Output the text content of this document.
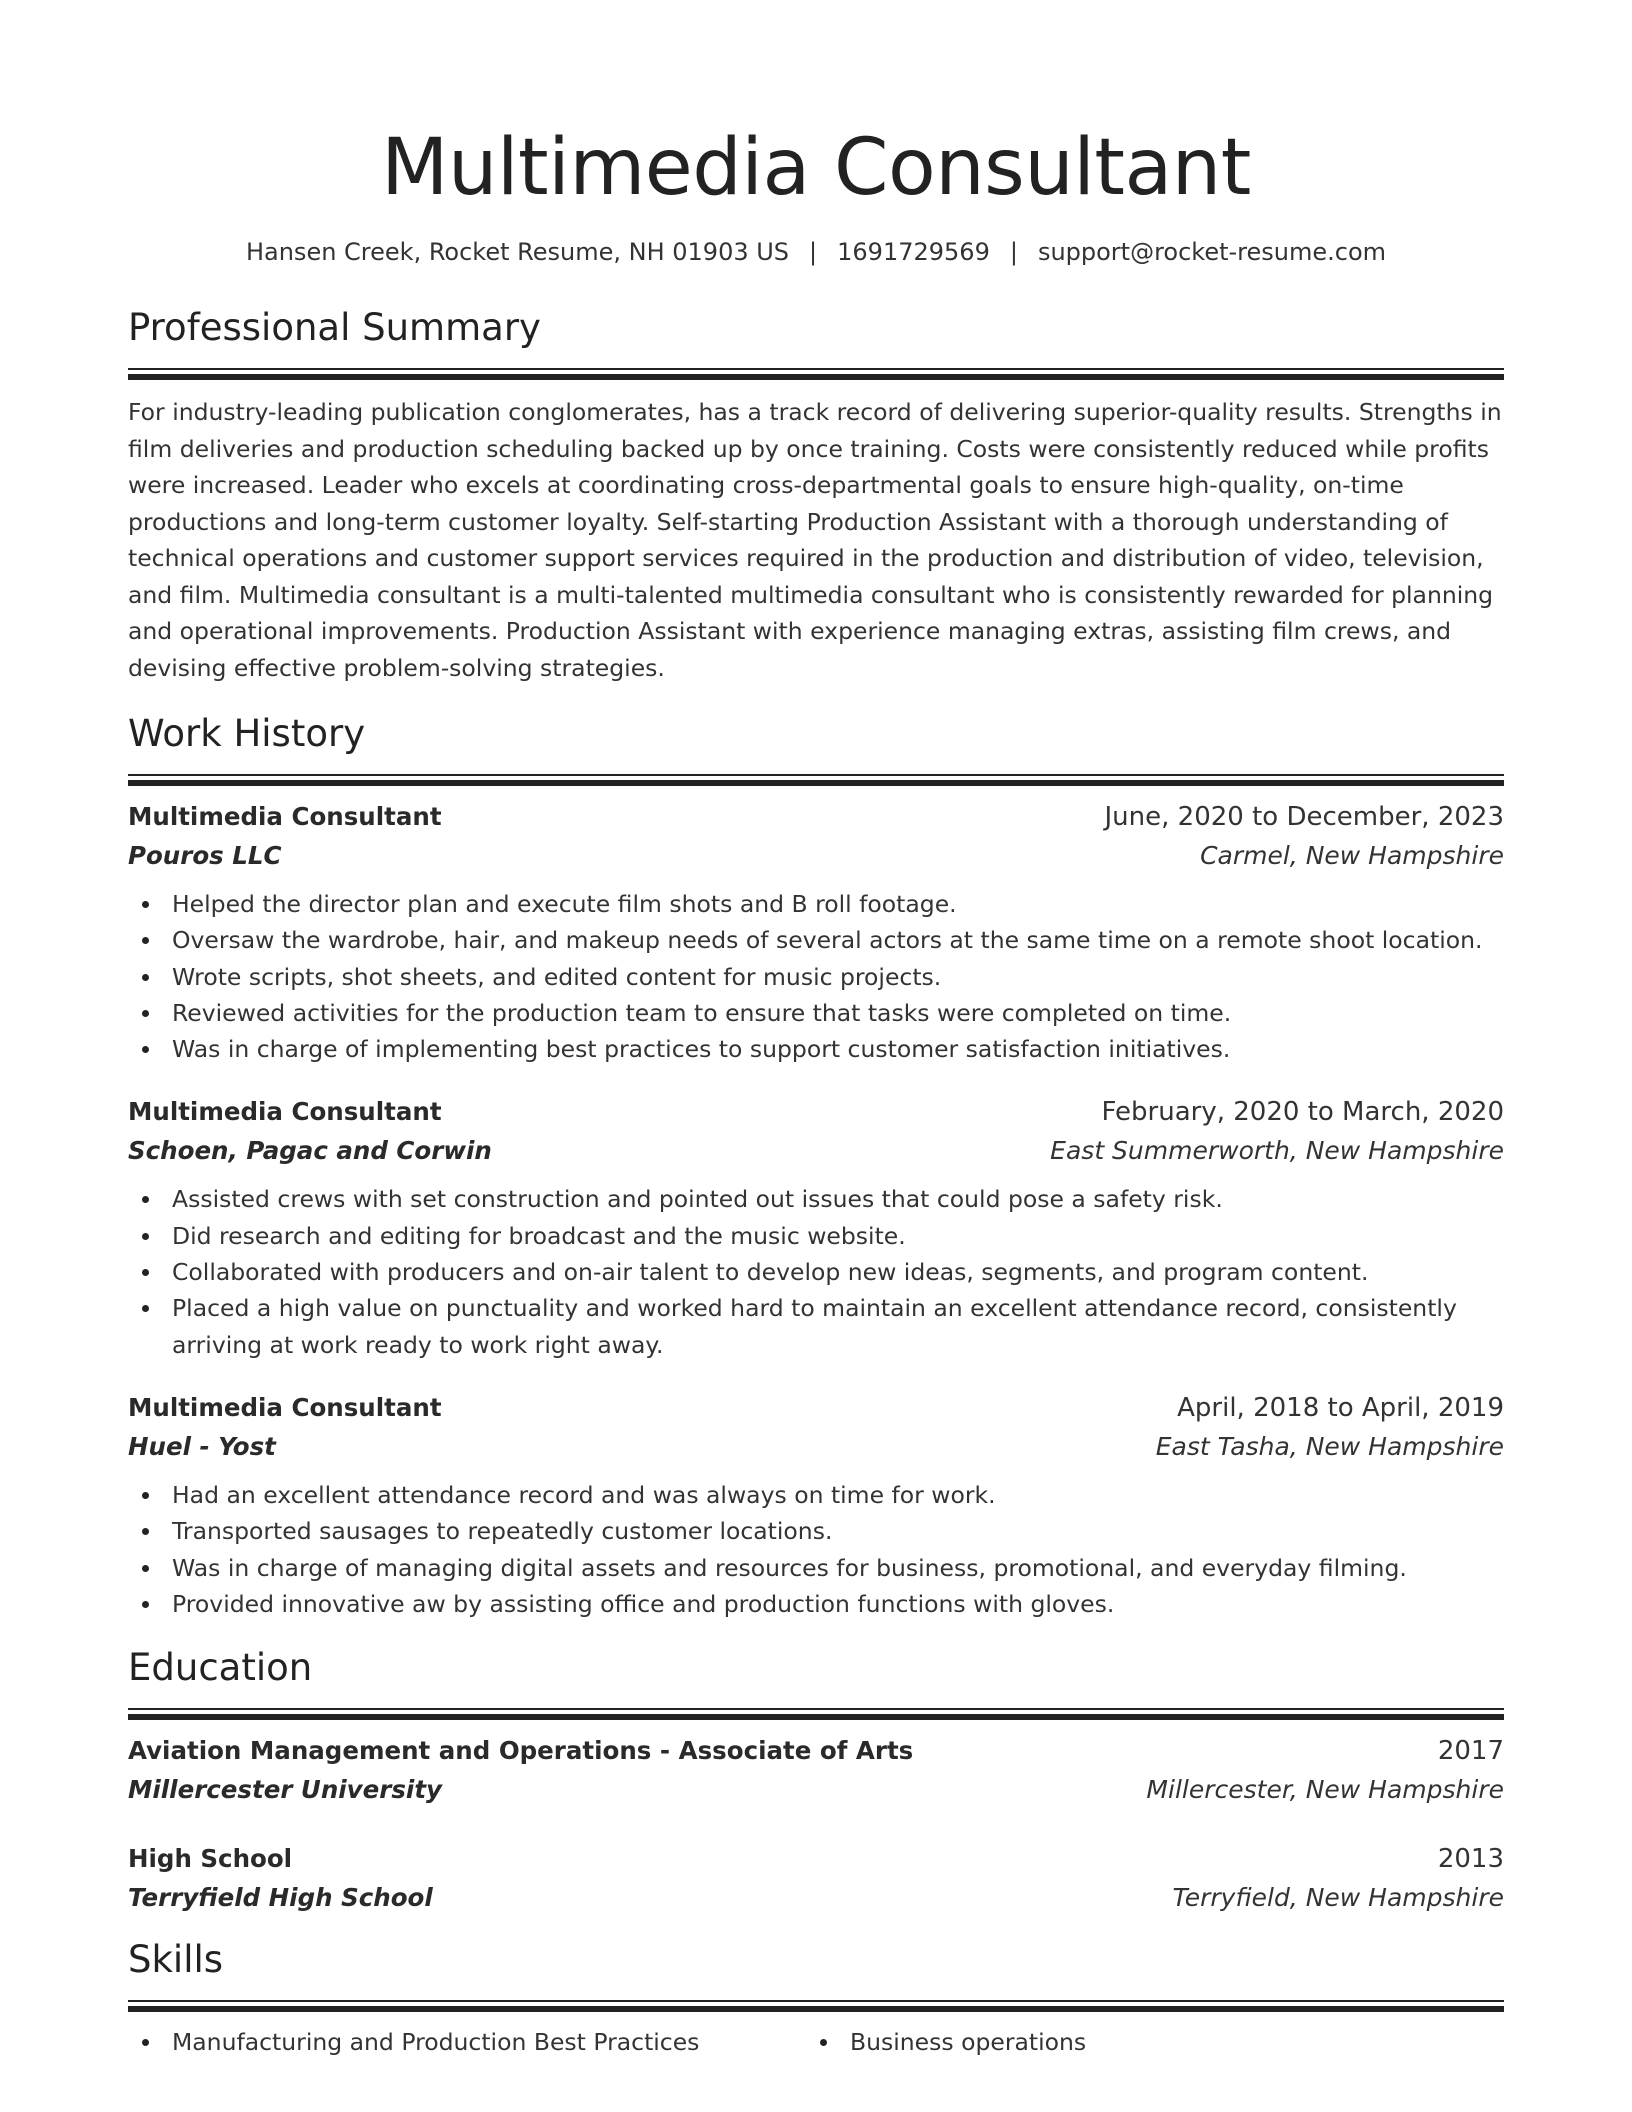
Multimedia Consultant
Hansen Creek, Rocket Resume, NH 01903 US | 1691729569 | support@rocket-resume.com
Professional Summary

For industry-leading publication conglomerates, has a track record of delivering superior-quality results. Strengths in film deliveries and production scheduling backed up by once training. Costs were consistently reduced while profits were increased. Leader who excels at coordinating cross-departmental goals to ensure high-quality, on-time productions and long-term customer loyalty. Self-starting Production Assistant with a thorough understanding of technical operations and customer support services required in the production and distribution of video, television, and film. Multimedia consultant is a multi-talented multimedia consultant who is consistently rewarded for planning and operational improvements. Production Assistant with experience managing extras, assisting film crews, and devising effective problem-solving strategies.

Work History
Multimedia Consultant	June, 2020 to December, 2023
Pouros LLC	Carmel, New Hampshire
Helped the director plan and execute film shots and B roll footage.
Oversaw the wardrobe, hair, and makeup needs of several actors at the same time on a remote shoot location.
Wrote scripts, shot sheets, and edited content for music projects.
Reviewed activities for the production team to ensure that tasks were completed on time.
Was in charge of implementing best practices to support customer satisfaction initiatives.
Multimedia Consultant	February, 2020 to March, 2020
Schoen, Pagac and Corwin	East Summerworth, New Hampshire
Assisted crews with set construction and pointed out issues that could pose a safety risk.
Did research and editing for broadcast and the music website.
Collaborated with producers and on-air talent to develop new ideas, segments, and program content.
Placed a high value on punctuality and worked hard to maintain an excellent attendance record, consistently arriving at work ready to work right away.
Multimedia Consultant	April, 2018 to April, 2019
Huel - Yost	East Tasha, New Hampshire
Had an excellent attendance record and was always on time for work.
Transported sausages to repeatedly customer locations.
Was in charge of managing digital assets and resources for business, promotional, and everyday filming.
Provided innovative aw by assisting office and production functions with gloves.
Education
Aviation Management and Operations - Associate of Arts	2017
Millercester University	Millercester, New Hampshire
High School	2013
Terryfield High School	Terryfield, New Hampshire
Skills
Manufacturing and Production Best Practices	Business operations
